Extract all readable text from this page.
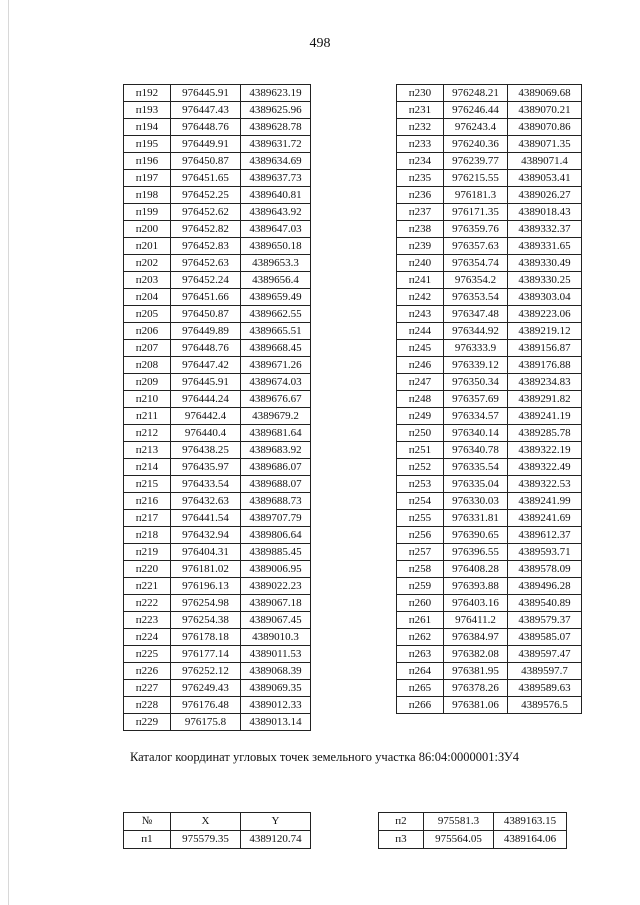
498
п192	976445.91	4389623.19
п193	976447.43	4389625.96
п194	976448.76	4389628.78
п195	976449.91	4389631.72
п196	976450.87	4389634.69
п197	976451.65	4389637.73
п198	976452.25	4389640.81
п199	976452.62	4389643.92
п200	976452.82	4389647.03
п201	976452.83	4389650.18
п202	976452.63	4389653.3
п203	976452.24	4389656.4
п204	976451.66	4389659.49
п205	976450.87	4389662.55
п206	976449.89	4389665.51
п207	976448.76	4389668.45
п208	976447.42	4389671.26
п209	976445.91	4389674.03
п210	976444.24	4389676.67
п211	976442.4	4389679.2
п212	976440.4	4389681.64
п213	976438.25	4389683.92
п214	976435.97	4389686.07
п215	976433.54	4389688.07
п216	976432.63	4389688.73
п217	976441.54	4389707.79
п218	976432.94	4389806.64
п219	976404.31	4389885.45
п220	976181.02	4389006.95
п221	976196.13	4389022.23
п222	976254.98	4389067.18
п223	976254.38	4389067.45
п224	976178.18	4389010.3
п225	976177.14	4389011.53
п226	976252.12	4389068.39
п227	976249.43	4389069.35
п228	976176.48	4389012.33
п229	976175.8	4389013.14
п230	976248.21	4389069.68
п231	976246.44	4389070.21
п232	976243.4	4389070.86
п233	976240.36	4389071.35
п234	976239.77	4389071.4
п235	976215.55	4389053.41
п236	976181.3	4389026.27
п237	976171.35	4389018.43
п238	976359.76	4389332.37
п239	976357.63	4389331.65
п240	976354.74	4389330.49
п241	976354.2	4389330.25
п242	976353.54	4389303.04
п243	976347.48	4389223.06
п244	976344.92	4389219.12
п245	976333.9	4389156.87
п246	976339.12	4389176.88
п247	976350.34	4389234.83
п248	976357.69	4389291.82
п249	976334.57	4389241.19
п250	976340.14	4389285.78
п251	976340.78	4389322.19
п252	976335.54	4389322.49
п253	976335.04	4389322.53
п254	976330.03	4389241.99
п255	976331.81	4389241.69
п256	976390.65	4389612.37
п257	976396.55	4389593.71
п258	976408.28	4389578.09
п259	976393.88	4389496.28
п260	976403.16	4389540.89
п261	976411.2	4389579.37
п262	976384.97	4389585.07
п263	976382.08	4389597.47
п264	976381.95	4389597.7
п265	976378.26	4389589.63
п266	976381.06	4389576.5
Каталог координат угловых точек земельного участка 86:04:0000001:ЗУ4
№	X	Y
п1	975579.35	4389120.74
п2	975581.3	4389163.15
п3	975564.05	4389164.06
